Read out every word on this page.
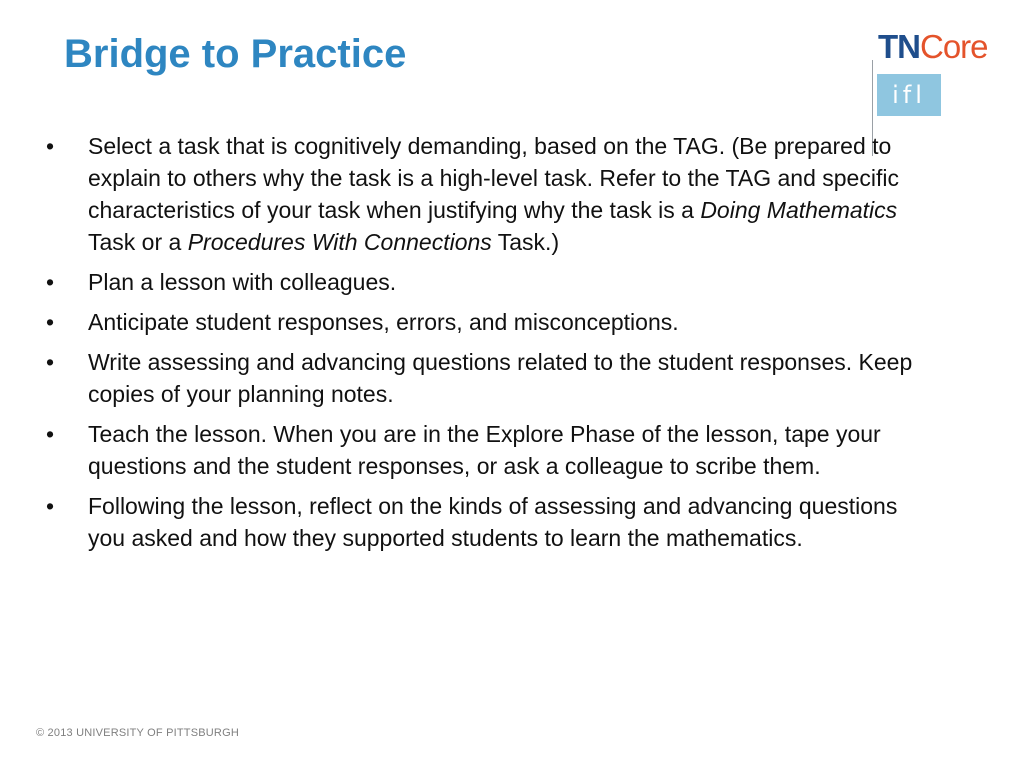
Bridge to Practice	TNCore
ifl
• Select a task that is cognitively demanding, based on the TAG. (Be prepared to explain to others why the task is a high-level task. Refer to the TAG and specific characteristics of your task when justifying why the task is a Doing Mathematics Task or a Procedures With Connections Task.)
• Plan a lesson with colleagues.
• Anticipate student responses, errors, and misconceptions.
• Write assessing and advancing questions related to the student responses. Keep copies of your planning notes.
• Teach the lesson. When you are in the Explore Phase of the lesson, tape your questions and the student responses, or ask a colleague to scribe them.
• Following the lesson, reflect on the kinds of assessing and advancing questions you asked and how they supported students to learn the mathematics.
© 2013 UNIVERSITY OF PITTSBURGH
